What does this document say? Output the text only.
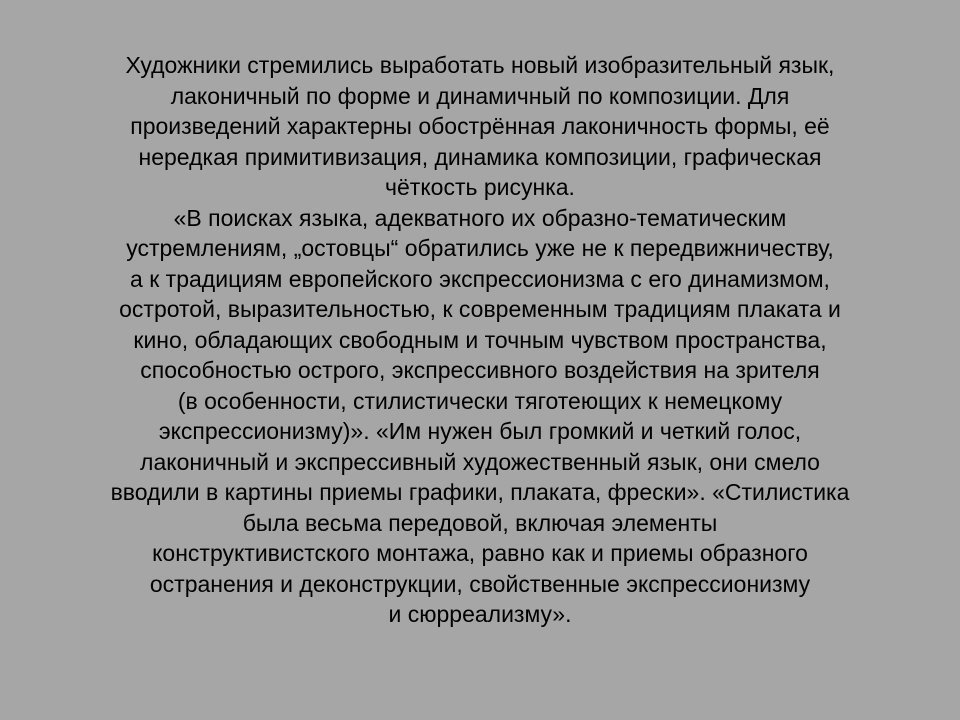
Художники стремились выработать новый изобразительный язык,
лаконичный по форме и динамичный по композиции. Для
произведений характерны обострённая лаконичность формы, её
нередкая примитивизация, динамика композиции, графическая
чёткость рисунка.
«В поисках языка, адекватного их образно-тематическим
устремлениям, „остовцы“ обратились уже не к передвижничеству,
а к традициям европейского экспрессионизма с его динамизмом,
остротой, выразительностью, к современным традициям плаката и
кино, обладающих свободным и точным чувством пространства,
способностью острого, экспрессивного воздействия на зрителя
(в особенности, стилистически тяготеющих к немецкому
экспрессионизму)». «Им нужен был громкий и четкий голос,
лаконичный и экспрессивный художественный язык, они смело
вводили в картины приемы графики, плаката, фрески». «Стилистика
была весьма передовой, включая элементы
конструктивистского монтажа, равно как и приемы образного
остранения и деконструкции, свойственные экспрессионизму
и сюрреализму».
